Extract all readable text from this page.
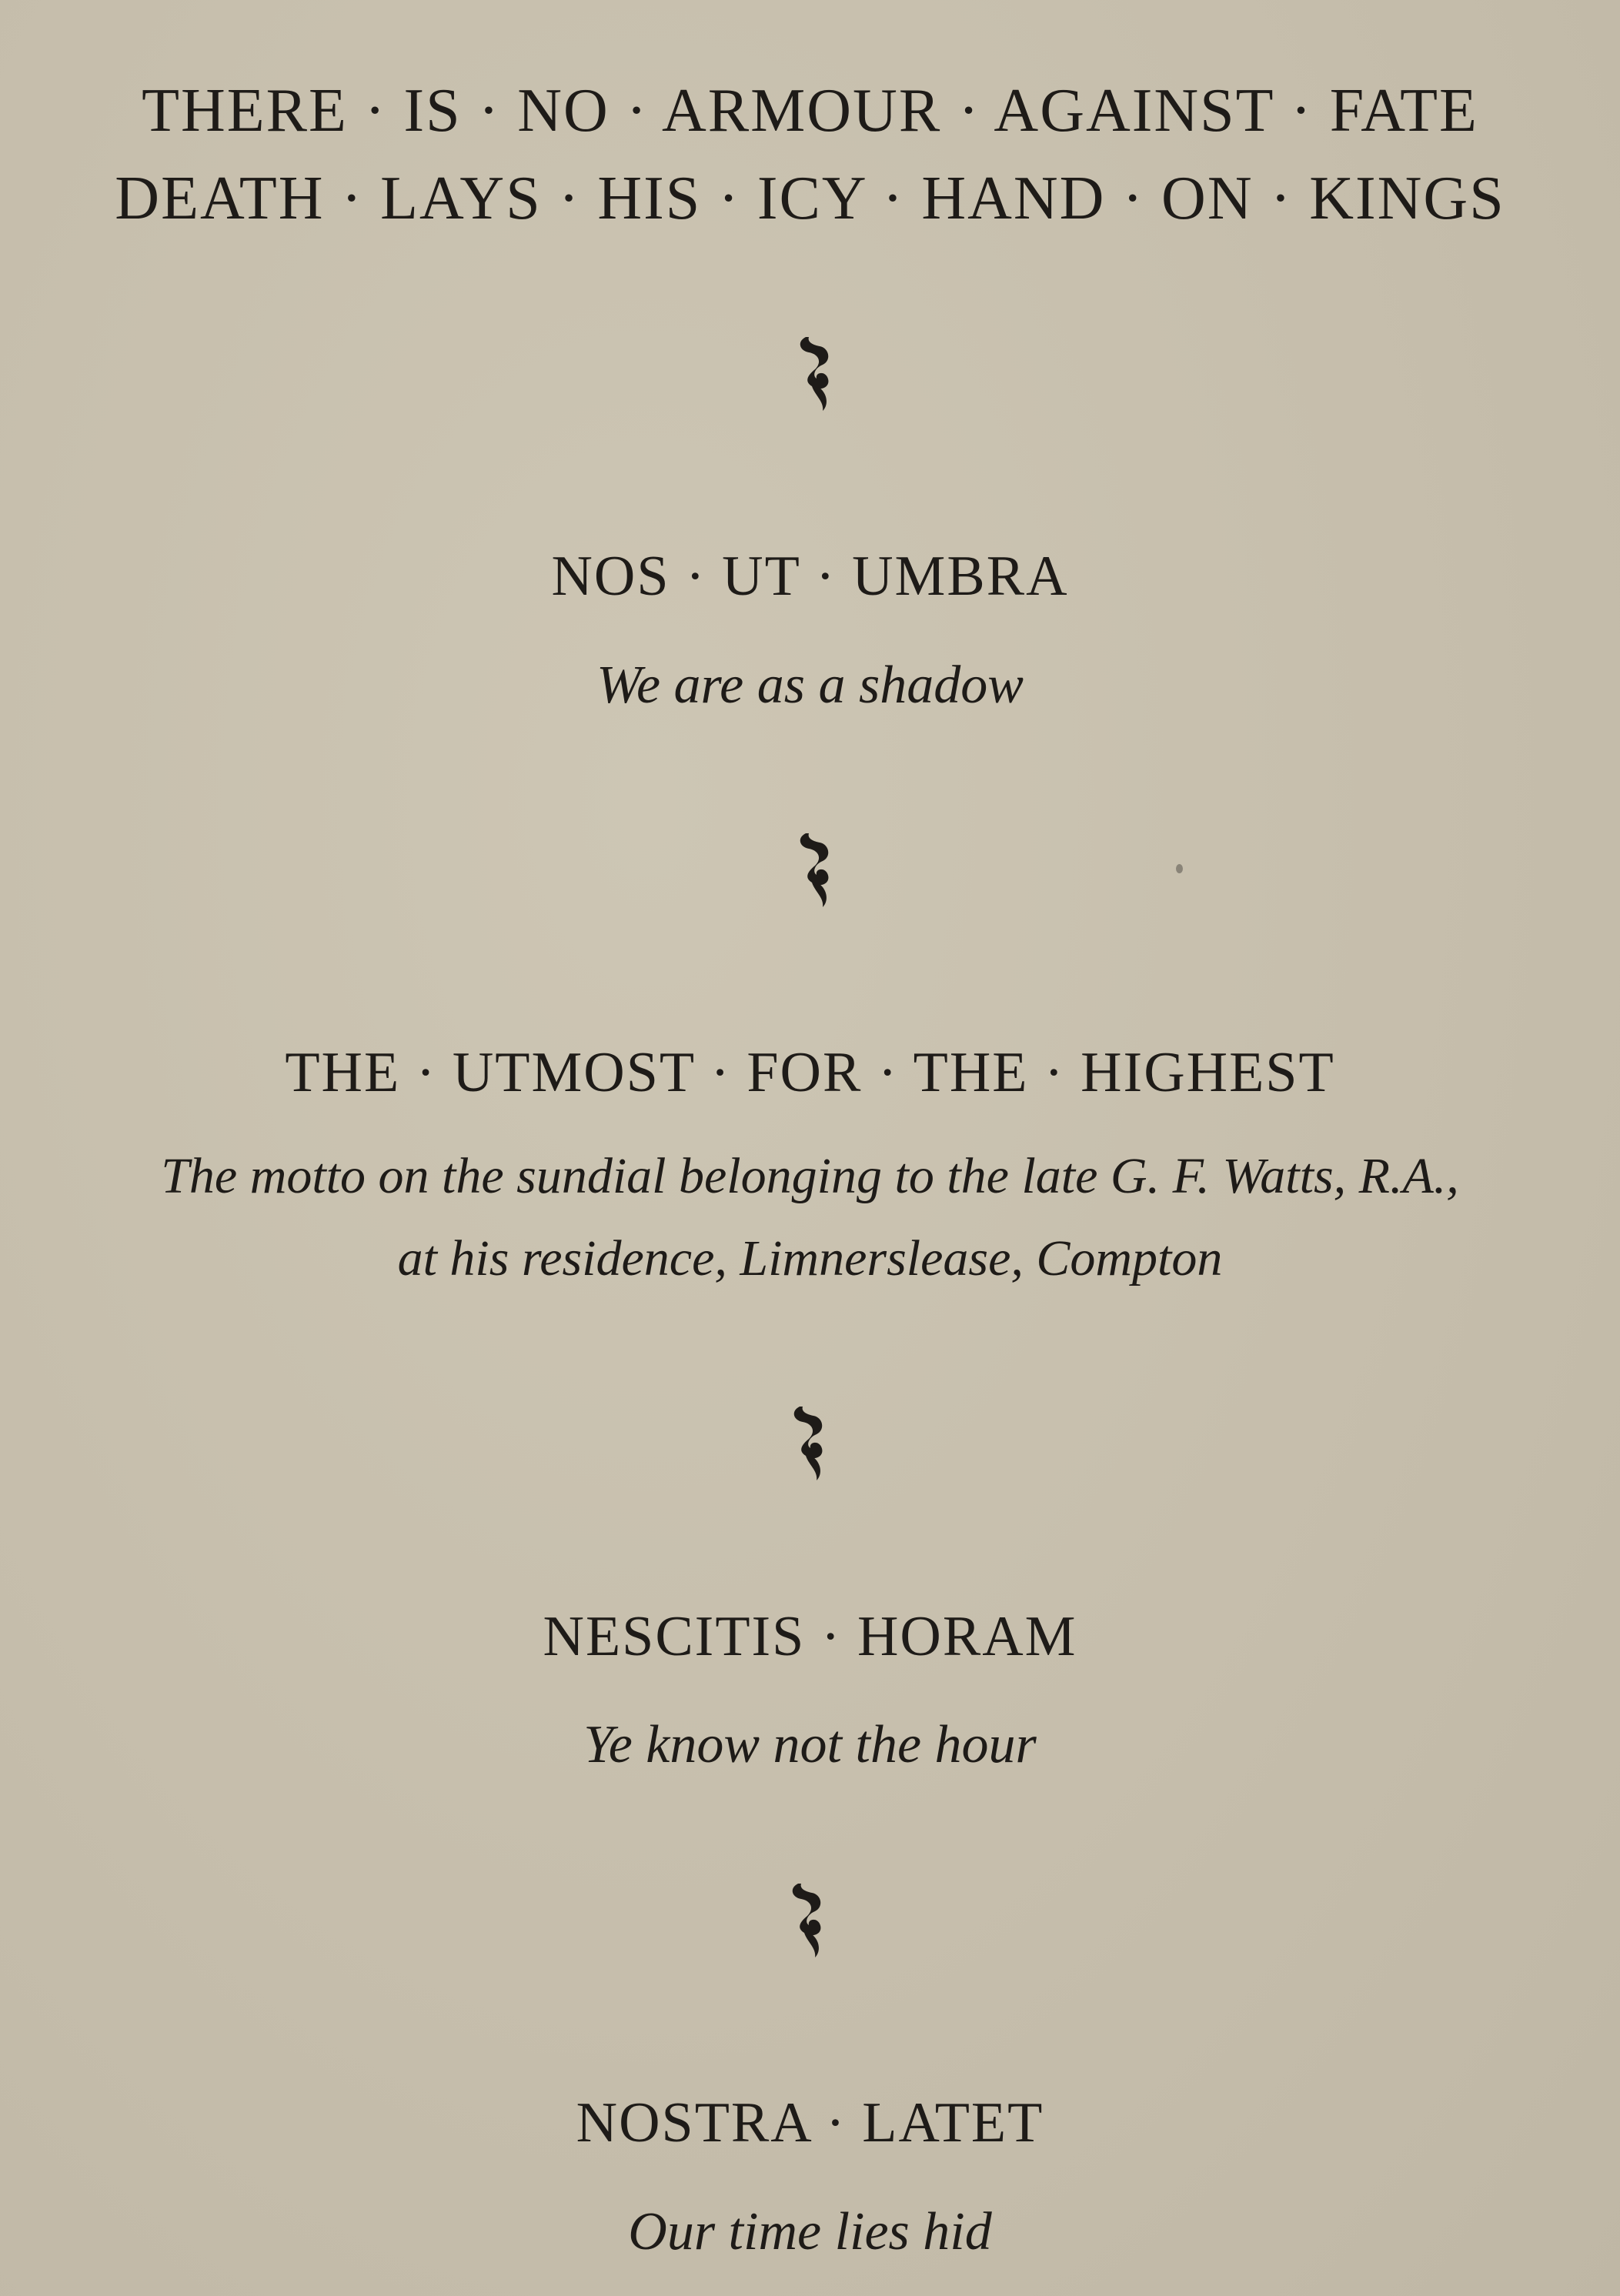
THERE · IS · NO · ARMOUR · AGAINST · FATE

DEATH · LAYS · HIS · ICY · HAND · ON · KINGS

NOS · UT · UMBRA

We are as a shadow

THE · UTMOST · FOR · THE · HIGHEST

The motto on the sundial belonging to the late G. F. Watts, R.A.,

at his residence, Limnerslease, Compton

NESCITIS · HORAM

Ye know not the hour

NOSTRA · LATET

Our time lies hid
